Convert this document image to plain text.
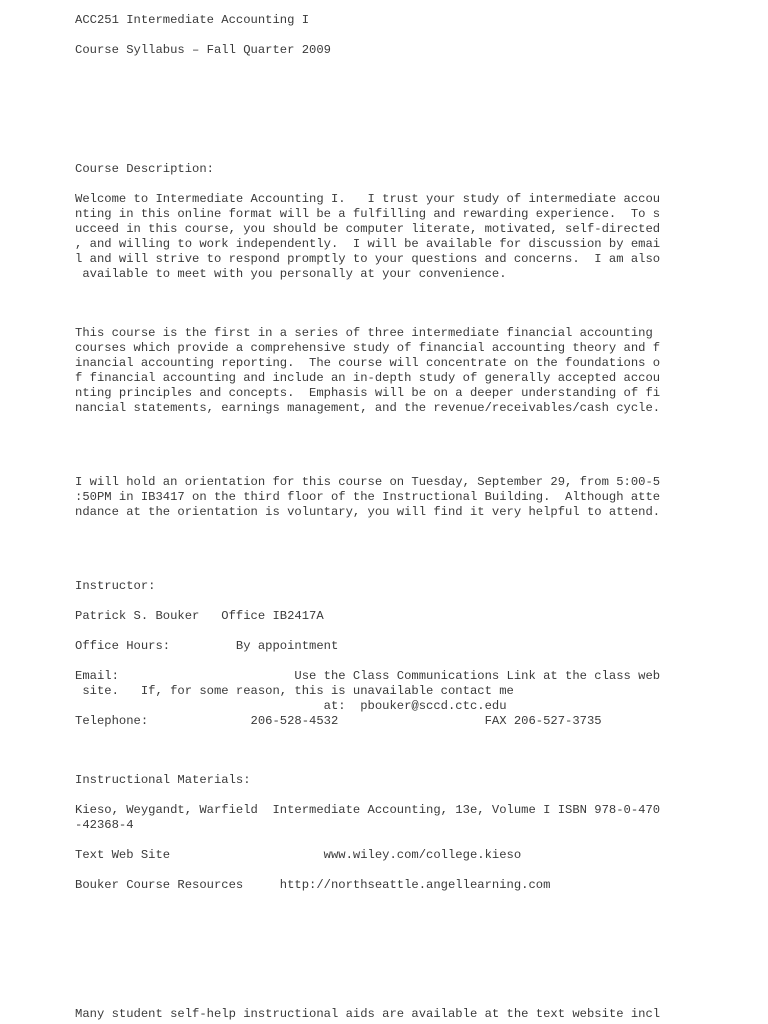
ACC251 Intermediate Accounting I
Course Syllabus – Fall Quarter 2009
Course Description:
Welcome to Intermediate Accounting I.   I trust your study of intermediate accou
nting in this online format will be a fulfilling and rewarding experience.  To s
ucceed in this course, you should be computer literate, motivated, self-directed
, and willing to work independently.  I will be available for discussion by emai
l and will strive to respond promptly to your questions and concerns.  I am also
available to meet with you personally at your convenience.
This course is the first in a series of three intermediate financial accounting
courses which provide a comprehensive study of financial accounting theory and f
inancial accounting reporting.  The course will concentrate on the foundations o
f financial accounting and include an in-depth study of generally accepted accou
nting principles and concepts.  Emphasis will be on a deeper understanding of fi
nancial statements, earnings management, and the revenue/receivables/cash cycle.
I will hold an orientation for this course on Tuesday, September 29, from 5:00-5
:50PM in IB3417 on the third floor of the Instructional Building.  Although atte
ndance at the orientation is voluntary, you will find it very helpful to attend.
Instructor:
Patrick S. Bouker   Office IB2417A
Office Hours:         By appointment
Email:                        Use the Class Communications Link at the class web
site.   If, for some reason, this is unavailable contact me
at:  pbouker@sccd.ctc.edu
Telephone:              206-528-4532                    FAX 206-527-3735
Instructional Materials:
Kieso, Weygandt, Warfield  Intermediate Accounting, 13e, Volume I ISBN 978-0-470
-42368-4
Text Web Site                     www.wiley.com/college.kieso
Bouker Course Resources     http://northseattle.angellearning.com
Many student self-help instructional aids are available at the text website incl
